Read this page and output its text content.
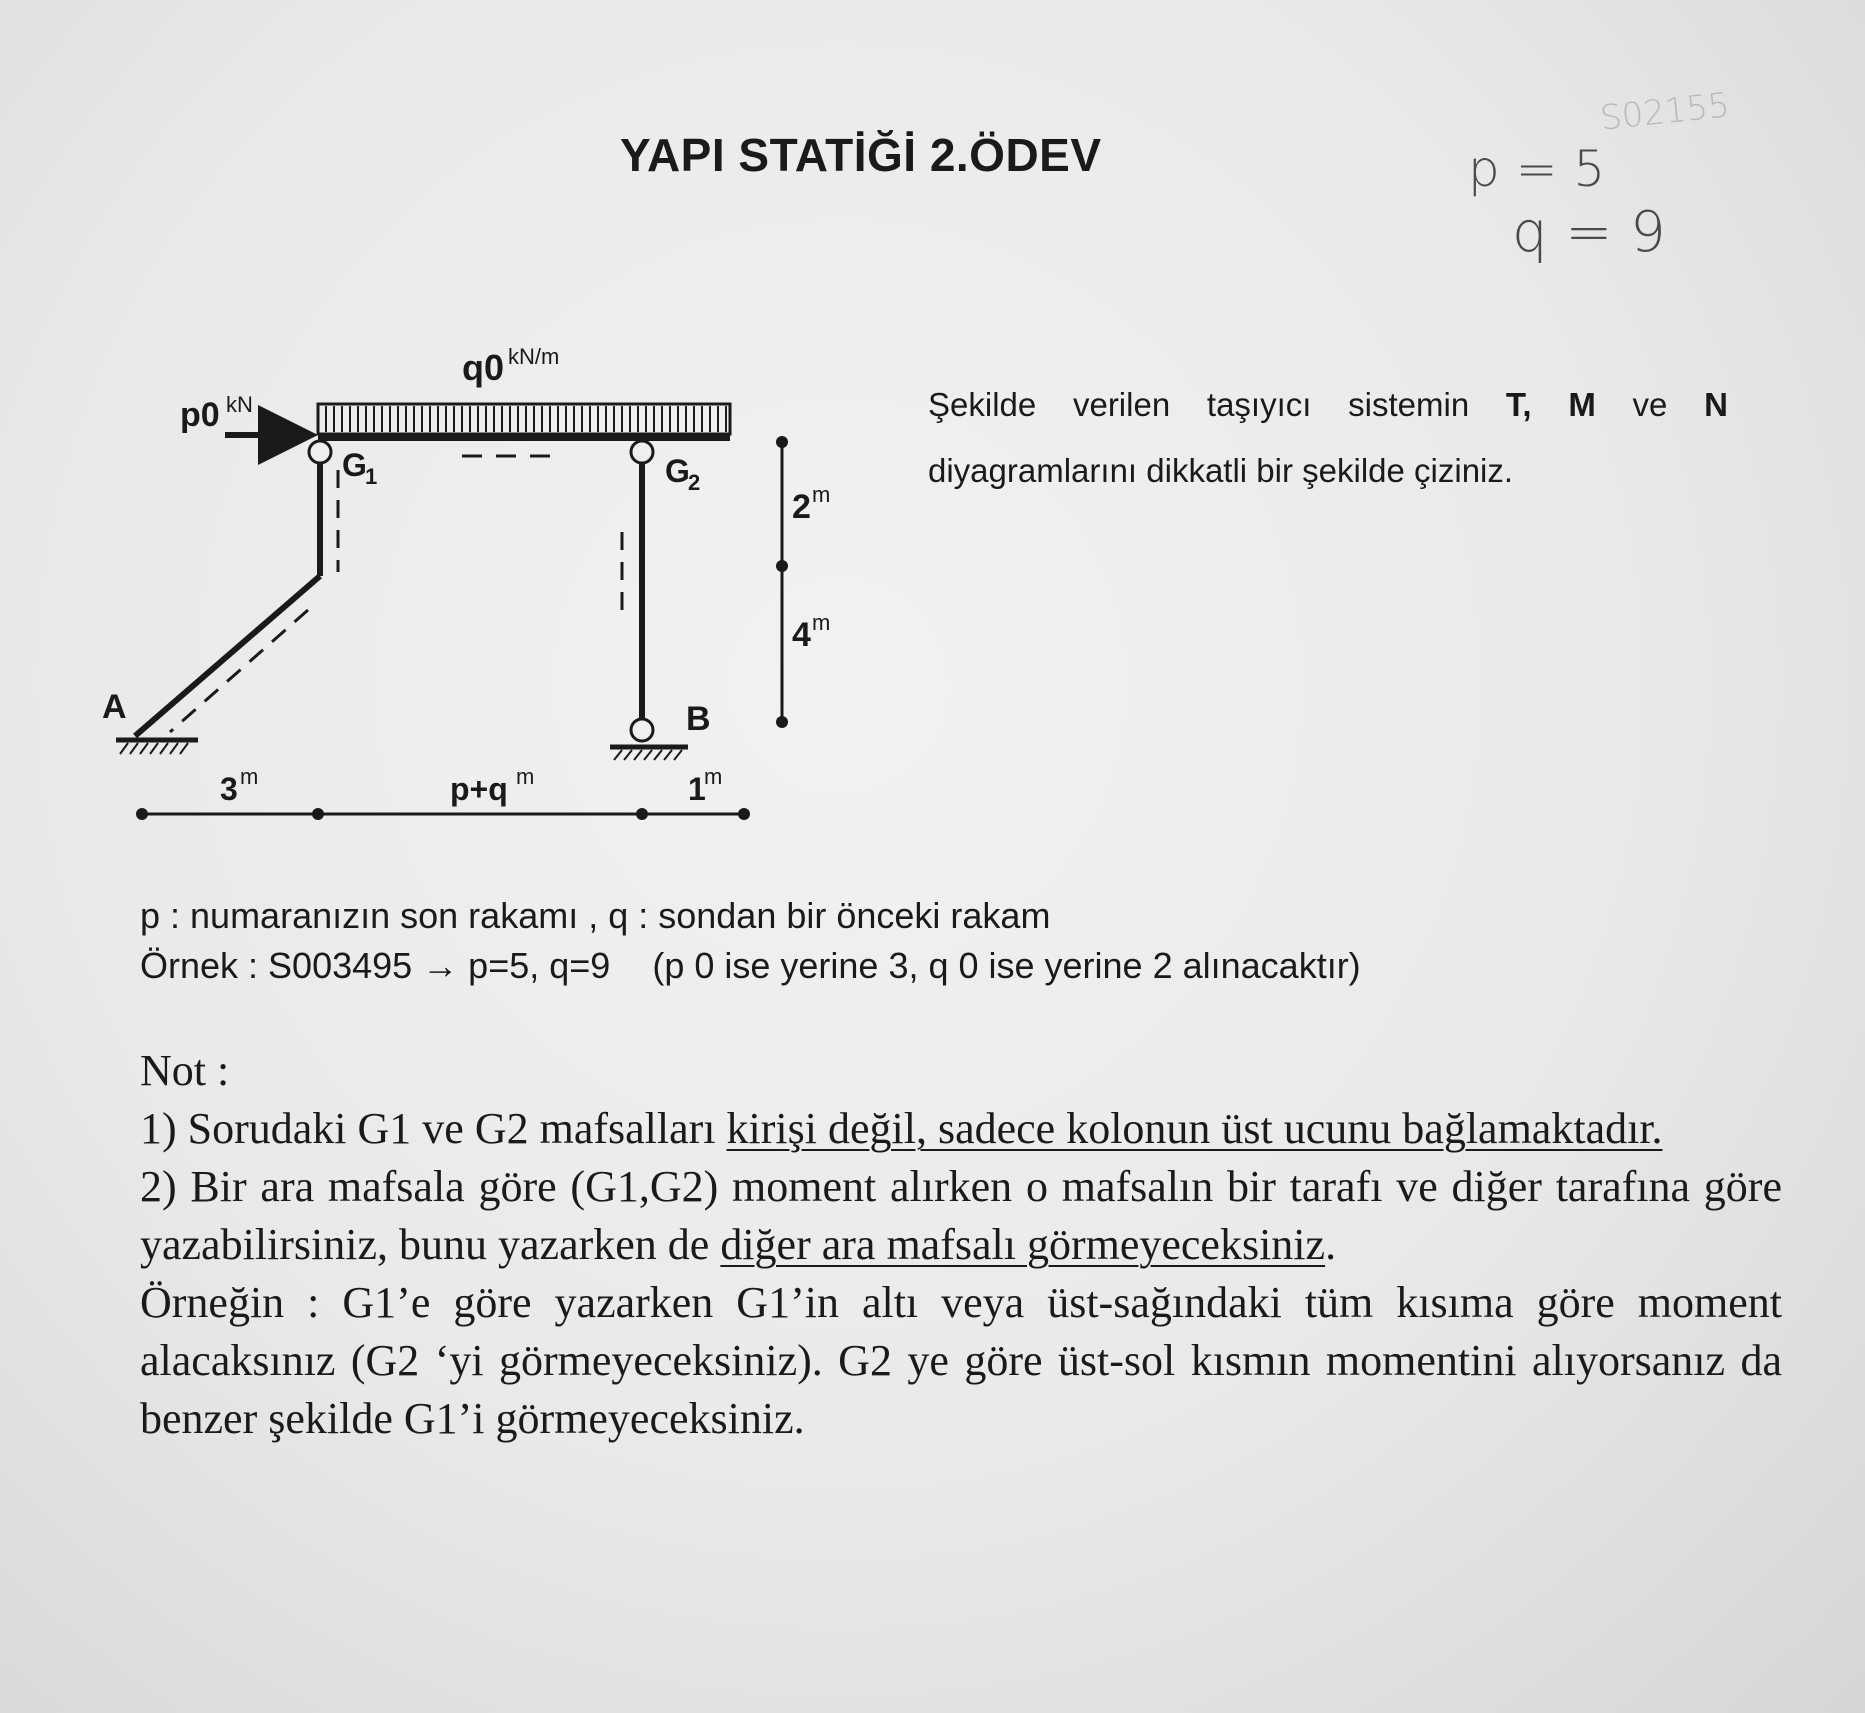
YAPI STATİĞİ 2.ÖDEV
S02155
p = 5
q = 9
q0 kN/m
p0 kN
G
1	G
2
B
A
2 m
4 m
3 m	p+q m	1
m
Şekilde verilen taşıyıcı sistemin T, M ve N diyagramlarını dikkatli bir şekilde çiziniz.
p : numaranızın son rakamı , q : sondan bir önceki rakam
Örnek : S003495 → p=5, q=9 (p 0 ise yerine 3, q 0 ise yerine 2 alınacaktır)

Not :

1) Sorudaki G1 ve G2 mafsalları kirişi değil, sadece kolonun üst ucunu bağlamaktadır.

2) Bir ara mafsala göre (G1,G2) moment alırken o mafsalın bir tarafı ve diğer tarafına göre yazabilirsiniz, bunu yazarken de diğer ara mafsalı görmeyeceksiniz.

Örneğin : G1’e göre yazarken G1’in altı veya üst-sağındaki tüm kısıma göre moment alacaksınız (G2 ‘yi görmeyeceksiniz). G2 ye göre üst-sol kısmın momentini alıyorsanız da benzer şekilde G1’i görmeyeceksiniz.
